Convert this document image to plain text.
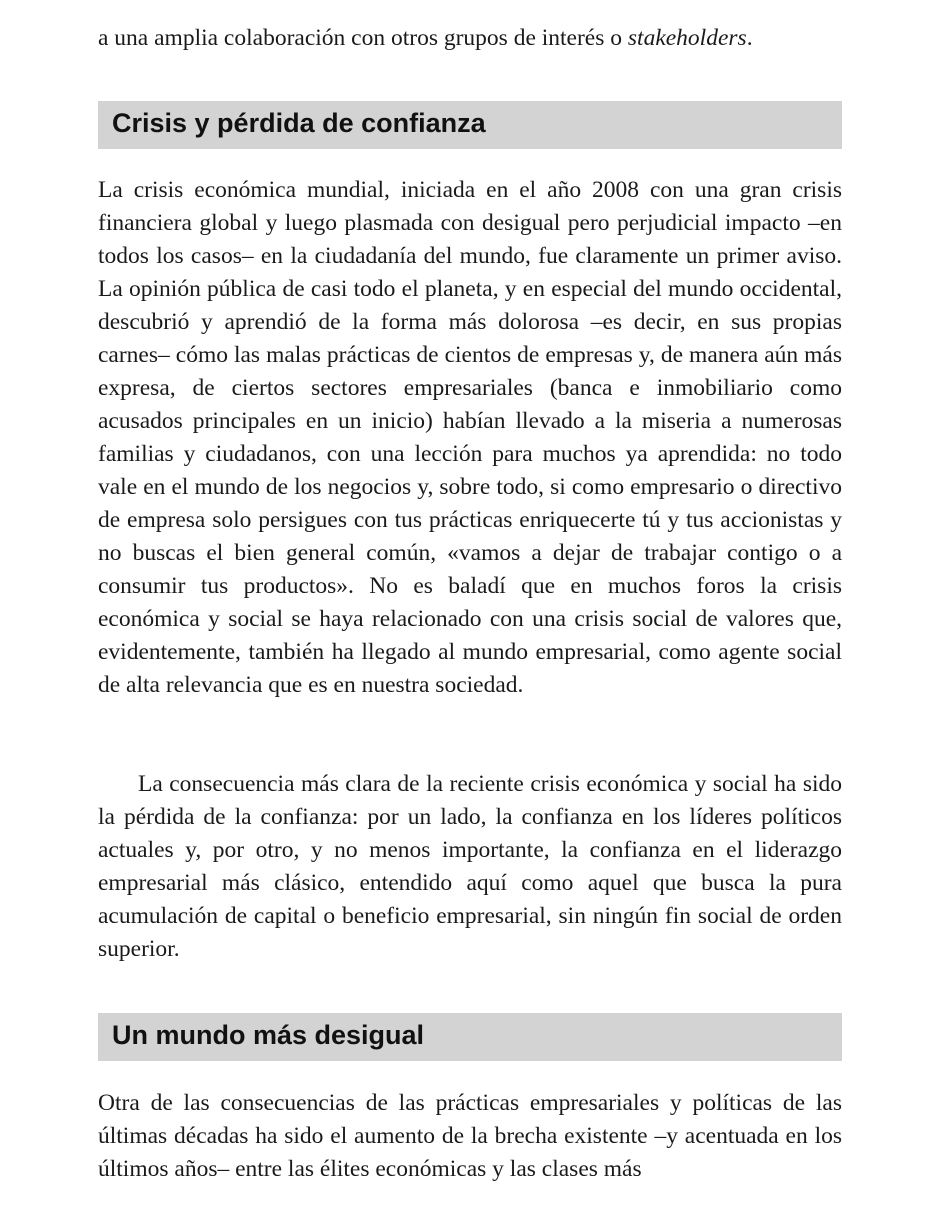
a una amplia colaboración con otros grupos de interés o stakeholders.
Crisis y pérdida de confianza

La crisis económica mundial, iniciada en el año 2008 con una gran crisis financiera global y luego plasmada con desigual pero perjudicial impacto –en todos los casos– en la ciudadanía del mundo, fue claramente un primer aviso. La opinión pública de casi todo el planeta, y en especial del mundo occidental, descubrió y aprendió de la forma más dolorosa –es decir, en sus propias carnes– cómo las malas prácticas de cientos de empresas y, de manera aún más expresa, de ciertos sectores empresariales (banca e inmobiliario como acusados principales en un inicio) habían llevado a la miseria a numerosas familias y ciudadanos, con una lección para muchos ya aprendida: no todo vale en el mundo de los negocios y, sobre todo, si como empresario o directivo de empresa solo persigues con tus prácticas enriquecerte tú y tus accionistas y no buscas el bien general común, «vamos a dejar de trabajar contigo o a consumir tus productos». No es baladí que en muchos foros la crisis económica y social se haya relacionado con una crisis social de valores que, evidentemente, también ha llegado al mundo empresarial, como agente social de alta relevancia que es en nuestra sociedad.

La consecuencia más clara de la reciente crisis económica y social ha sido la pérdida de la confianza: por un lado, la confianza en los líderes políticos actuales y, por otro, y no menos importante, la confianza en el liderazgo empresarial más clásico, entendido aquí como aquel que busca la pura acumulación de capital o beneficio empresarial, sin ningún fin social de orden superior.

Un mundo más desigual

Otra de las consecuencias de las prácticas empresariales y políticas de las últimas décadas ha sido el aumento de la brecha existente –y acentuada en los últimos años– entre las élites económicas y las clases más
